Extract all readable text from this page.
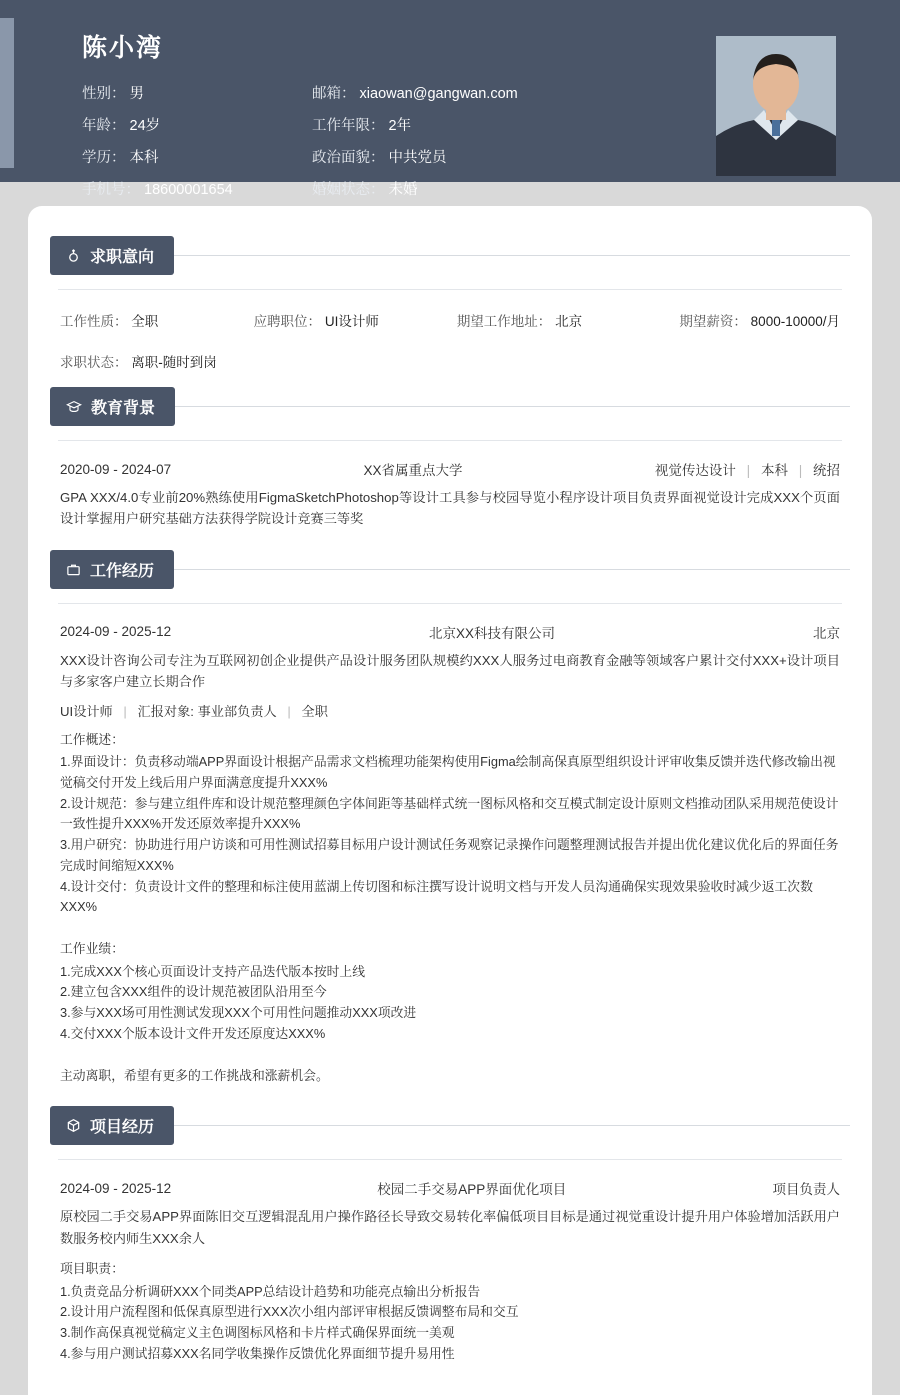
陈小湾
性别： 男	邮箱： xiaowan@gangwan.com
年龄： 24岁	工作年限： 2年
学历： 本科	政治面貌： 中共党员
手机号： 18600001654	婚姻状态： 未婚
求职意向
工作性质： 全职	应聘职位： UI设计师	期望工作地址： 北京	期望薪资： 8000-10000/月
求职状态： 离职-随时到岗
教育背景
2020-09 - 2024-07	XX省属重点大学	视觉传达设计 | 本科 | 统招
GPA XXX/4.0专业前20%熟练使用FigmaSketchPhotoshop等设计工具参与校园导览小程序设计项目负责界面视觉设计完成XXX个页面设计掌握用户研究基础方法获得学院设计竞赛三等奖
工作经历
2024-09 - 2025-12	北京XX科技有限公司	北京
XXX设计咨询公司专注为互联网初创企业提供产品设计服务团队规模约XXX人服务过电商教育金融等领域客户累计交付XXX+设计项目与多家客户建立长期合作
UI设计师 | 汇报对象: 事业部负责人 | 全职
工作概述：
1.界面设计：负责移动端APP界面设计根据产品需求文档梳理功能架构使用Figma绘制高保真原型组织设计评审收集反馈并迭代修改输出视觉稿交付开发上线后用户界面满意度提升XXX%
2.设计规范：参与建立组件库和设计规范整理颜色字体间距等基础样式统一图标风格和交互模式制定设计原则文档推动团队采用规范使设计一致性提升XXX%开发还原效率提升XXX%
3.用户研究：协助进行用户访谈和可用性测试招募目标用户设计测试任务观察记录操作问题整理测试报告并提出优化建议优化后的界面任务完成时间缩短XXX%
4.设计交付：负责设计文件的整理和标注使用蓝湖上传切图和标注撰写设计说明文档与开发人员沟通确保实现效果验收时减少返工次数XXX%
工作业绩：
1.完成XXX个核心页面设计支持产品迭代版本按时上线
2.建立包含XXX组件的设计规范被团队沿用至今
3.参与XXX场可用性测试发现XXX个可用性问题推动XXX项改进
4.交付XXX个版本设计文件开发还原度达XXX%
主动离职，希望有更多的工作挑战和涨薪机会。
项目经历
2024-09 - 2025-12	校园二手交易APP界面优化项目	项目负责人
原校园二手交易APP界面陈旧交互逻辑混乱用户操作路径长导致交易转化率偏低项目目标是通过视觉重设计提升用户体验增加活跃用户数服务校内师生XXX余人
项目职责：
1.负责竞品分析调研XXX个同类APP总结设计趋势和功能亮点输出分析报告
2.设计用户流程图和低保真原型进行XXX次小组内部评审根据反馈调整布局和交互
3.制作高保真视觉稿定义主色调图标风格和卡片样式确保界面统一美观
4.参与用户测试招募XXX名同学收集操作反馈优化界面细节提升易用性
